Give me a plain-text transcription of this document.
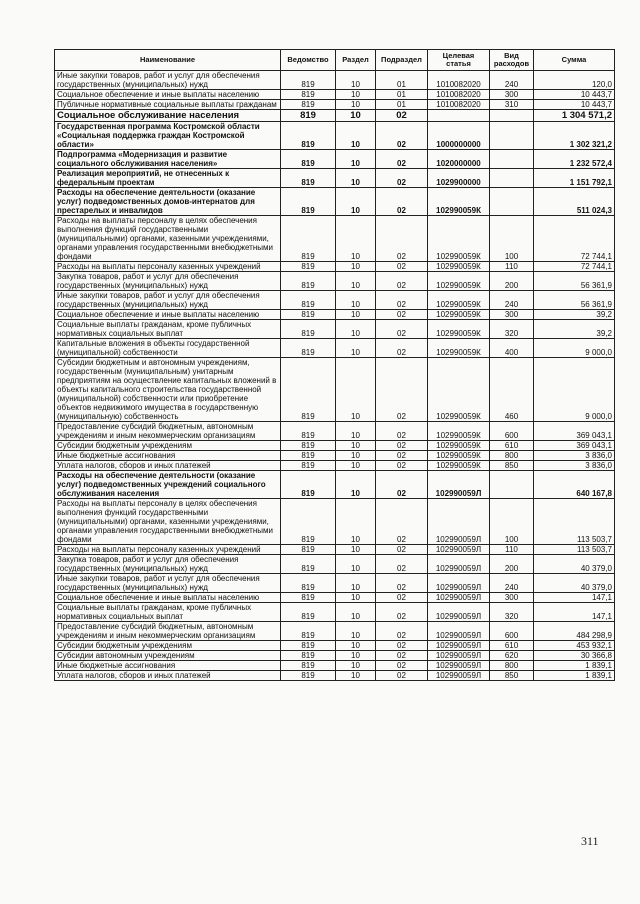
Наименование	Ведомство	Раздел	Подраздел	Целевая статья	Вид расходов	Сумма
Иные закупки товаров, работ и услуг для обеспечения государственных (муниципальных) нужд	819	10	01	1010082020	240	120,0
Социальное обеспечение и иные выплаты населению	819	10	01	1010082020	300	10 443,7
Публичные нормативные социальные выплаты гражданам	819	10	01	1010082020	310	10 443,7
Социальное обслуживание населения	819	10	02			1 304 571,2
Государственная программа Костромской области «Социальная поддержка граждан Костромской области»	819	10	02	1000000000		1 302 321,2
Подпрограмма «Модернизация и развитие социального обслуживания населения»	819	10	02	1020000000		1 232 572,4
Реализация мероприятий, не отнесенных к федеральным проектам	819	10	02	1029900000		1 151 792,1
Расходы на обеспечение деятельности (оказание услуг) подведомственных домов-интернатов для престарелых и инвалидов	819	10	02	102990059К		511 024,3
Расходы на выплаты персоналу в целях обеспечения выполнения функций государственными (муниципальными) органами, казенными учреждениями, органами управления государственными внебюджетными фондами	819	10	02	102990059К	100	72 744,1
Расходы на выплаты персоналу казенных учреждений	819	10	02	102990059К	110	72 744,1
Закупка товаров, работ и услуг для обеспечения государственных (муниципальных) нужд	819	10	02	102990059К	200	56 361,9
Иные закупки товаров, работ и услуг для обеспечения государственных (муниципальных) нужд	819	10	02	102990059К	240	56 361,9
Социальное обеспечение и иные выплаты населению	819	10	02	102990059К	300	39,2
Социальные выплаты гражданам, кроме публичных нормативных социальных выплат	819	10	02	102990059К	320	39,2
Капитальные вложения в объекты государственной (муниципальной) собственности	819	10	02	102990059К	400	9 000,0
Субсидии бюджетным и автономным учреждениям, государственным (муниципальным) унитарным предприятиям на осуществление капитальных вложений в объекты капитального строительства государственной (муниципальной) собственности или приобретение объектов недвижимого имущества в государственную (муниципальную) собственность	819	10	02	102990059К	460	9 000,0
Предоставление субсидий бюджетным, автономным учреждениям и иным некоммерческим организациям	819	10	02	102990059К	600	369 043,1
Субсидии бюджетным учреждениям	819	10	02	102990059К	610	369 043,1
Иные бюджетные ассигнования	819	10	02	102990059К	800	3 836,0
Уплата налогов, сборов и иных платежей	819	10	02	102990059К	850	3 836,0
Расходы на обеспечение деятельности (оказание услуг) подведомственных учреждений социального обслуживания населения	819	10	02	102990059Л		640 167,8
Расходы на выплаты персоналу в целях обеспечения выполнения функций государственными (муниципальными) органами, казенными учреждениями, органами управления государственными внебюджетными фондами	819	10	02	102990059Л	100	113 503,7
Расходы на выплаты персоналу казенных учреждений	819	10	02	102990059Л	110	113 503,7
Закупка товаров, работ и услуг для обеспечения государственных (муниципальных) нужд	819	10	02	102990059Л	200	40 379,0
Иные закупки товаров, работ и услуг для обеспечения государственных (муниципальных) нужд	819	10	02	102990059Л	240	40 379,0
Социальное обеспечение и иные выплаты населению	819	10	02	102990059Л	300	147,1
Социальные выплаты гражданам, кроме публичных нормативных социальных выплат	819	10	02	102990059Л	320	147,1
Предоставление субсидий бюджетным, автономным учреждениям и иным некоммерческим организациям	819	10	02	102990059Л	600	484 298,9
Субсидии бюджетным учреждениям	819	10	02	102990059Л	610	453 932,1
Субсидии автономным учреждениям	819	10	02	102990059Л	620	30 366,8
Иные бюджетные ассигнования	819	10	02	102990059Л	800	1 839,1
Уплата налогов, сборов и иных платежей	819	10	02	102990059Л	850	1 839,1
311
